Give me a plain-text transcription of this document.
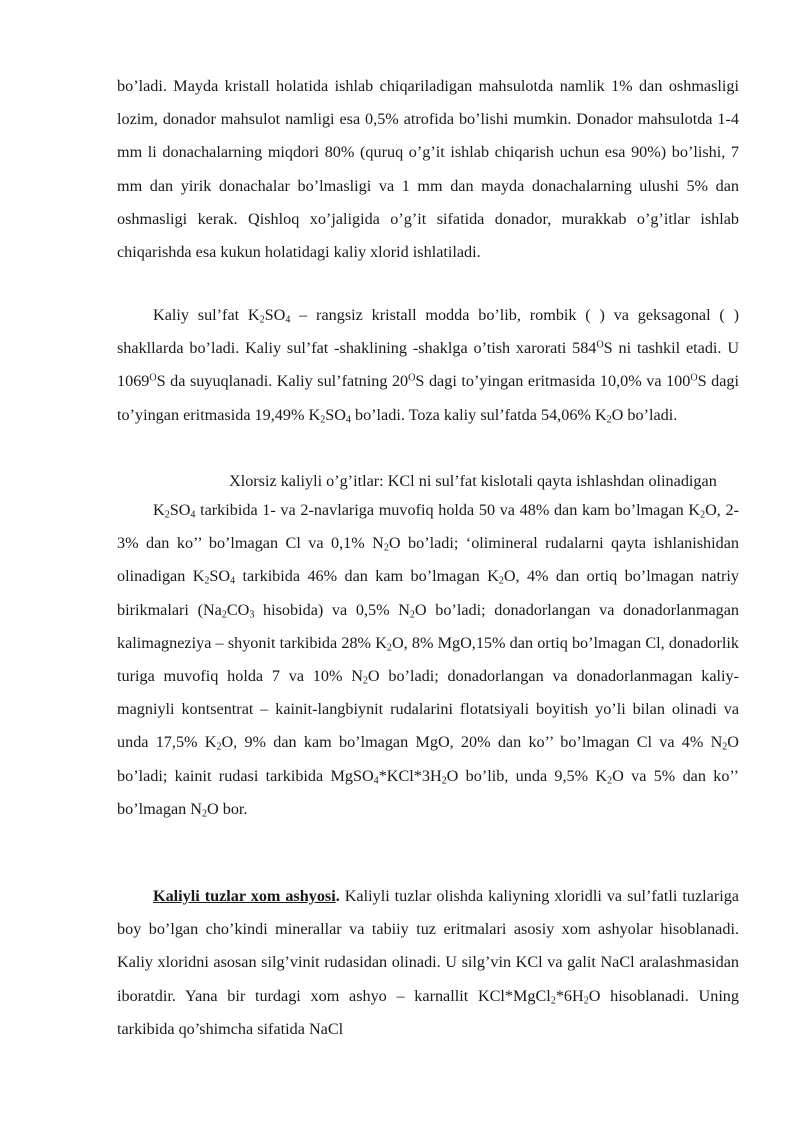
bo’ladi. Mayda kristall holatida ishlab chiqariladigan mahsulotda namlik 1% dan oshmasligi lozim, donador mahsulot namligi esa 0,5% atrofida bo’lishi mumkin. Donador mahsulotda 1-4 mm li donachalarning miqdori 80% (quruq o’g’it ishlab chiqarish uchun esa 90%) bo’lishi, 7 mm dan yirik donachalar bo’lmasligi va 1 mm dan mayda donachalarning ulushi 5% dan oshmasligi kerak. Qishloq xo’jaligida o’g’it sifatida donador, murakkab o’g’itlar ishlab chiqarishda esa kukun holatidagi kaliy xlorid ishlatiladi.

Kaliy sul’fat $K_2SO_4$ – rangsiz kristall modda bo’lib, rombik ( ) va geksagonal ( ) shakllarda bo’ladi. Kaliy sul’fat -shaklining -shaklga o’tish xarorati $584^OS$ ni tashkil etadi. U $1069^OS$ da suyuqlanadi. Kaliy sul’fatning $20^OS$ dagi to’yingan eritmasida 10,0% va $100^OS$ dagi to’yingan eritmasida 19,49% $K_2SO_4$ bo’ladi. Toza kaliy sul’fatda 54,06% $K_2O$ bo’ladi.

Xlorsiz kaliyli o’g’itlar: KCl ni sul’fat kislotali qayta ishlashdan olinadigan

$K_2SO_4$ tarkibida 1- va 2-navlariga muvofiq holda 50 va 48% dan kam bo’lmagan $K_2O$, 2-3% dan ko’’ bo’lmagan Cl va 0,1% $N_2O$ bo’ladi; ‘olimineral rudalarni qayta ishlanishidan olinadigan $K_2SO_4$ tarkibida 46% dan kam bo’lmagan $K_2O$, 4% dan ortiq bo’lmagan natriy birikmalari ($Na_2CO_3$ hisobida) va 0,5% $N_2O$ bo’ladi; donadorlangan va donadorlanmagan kalimagneziya – shyonit tarkibida 28% $K_2O$, 8% MgO,15% dan ortiq bo’lmagan Cl, donadorlik turiga muvofiq holda 7 va 10% $N_2O$ bo’ladi; donadorlangan va donadorlanmagan kaliy-magniyli kontsentrat – kainit-langbiynit rudalarini flotatsiyali boyitish yo’li bilan olinadi va unda 17,5% $K_2O$, 9% dan kam bo’lmagan MgO, 20% dan ko’’ bo’lmagan Cl va 4% $N_2O$ bo’ladi; kainit rudasi tarkibida $MgSO_4*KCl*3H_2O$ bo’lib, unda 9,5% $K_2O$ va 5% dan ko’’ bo’lmagan $N_2O$ bor.

Kaliyli tuzlar xom ashyosi. Kaliyli tuzlar olishda kaliyning xloridli va sul’fatli tuzlariga boy bo’lgan cho’kindi minerallar va tabiiy tuz eritmalari asosiy xom ashyolar hisoblanadi. Kaliy xloridni asosan silg’vinit rudasidan olinadi. U silg’vin KCl va galit NaCl aralashmasidan iboratdir. Yana bir turdagi xom ashyo – karnallit $KCl*MgCl_2*6H_2O$ hisoblanadi. Uning tarkibida qo’shimcha sifatida NaCl
